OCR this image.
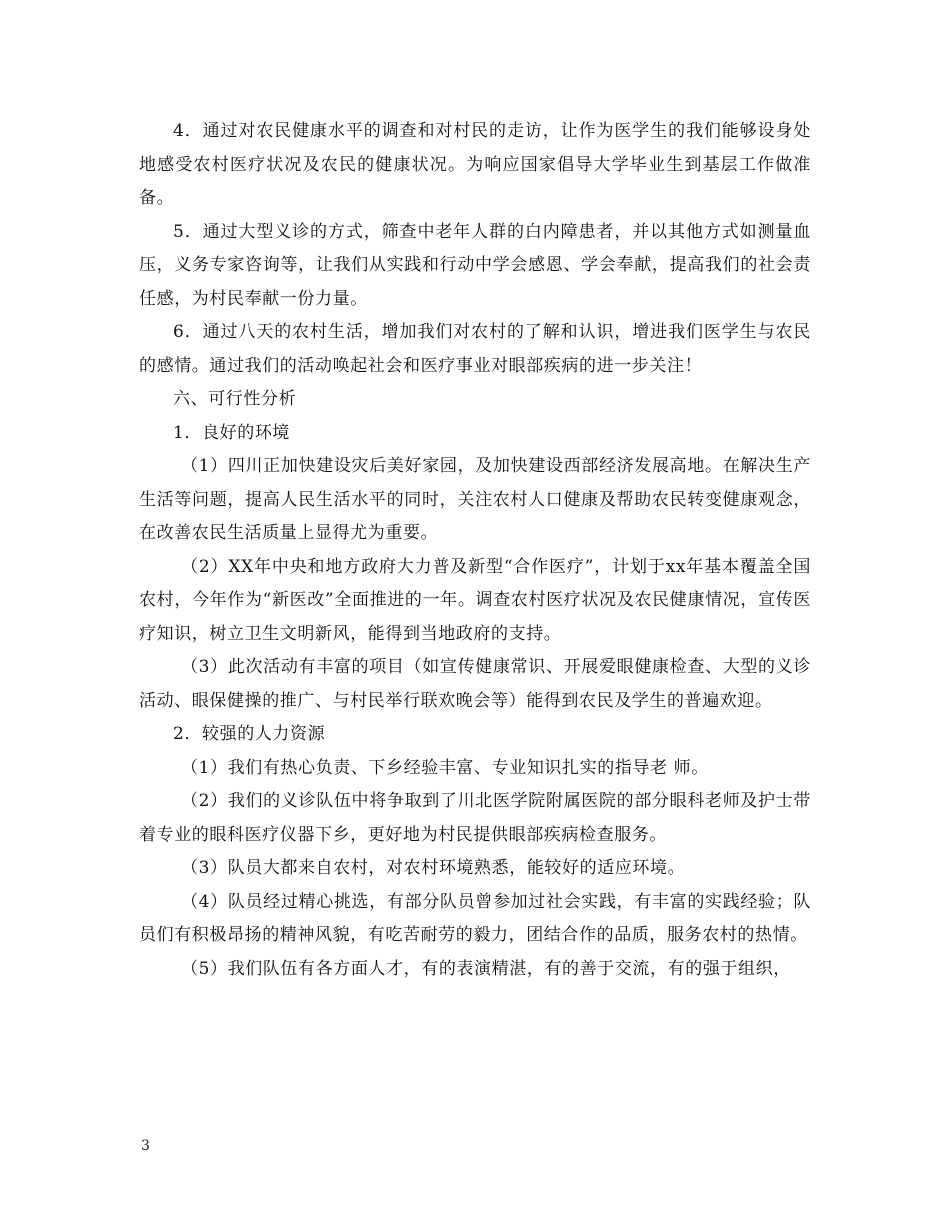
4．通过对农民健康水平的调查和对村民的走访，让作为医学生的我们能够设身处地感受农村医疗状况及农民的健康状况。为响应国家倡导大学毕业生到基层工作做准备。

5．通过大型义诊的方式，筛查中老年人群的白内障患者，并以其他方式如测量血压，义务专家咨询等，让我们从实践和行动中学会感恩、学会奉献，提高我们的社会责任感，为村民奉献一份力量。

6．通过八天的农村生活，增加我们对农村的了解和认识，增进我们医学生与农民的感情。通过我们的活动唤起社会和医疗事业对眼部疾病的进一步关注！

六、可行性分析

1．良好的环境

（1）四川正加快建设灾后美好家园，及加快建设西部经济发展高地。在解决生产生活等问题，提高人民生活水平的同时，关注农村人口健康及帮助农民转变健康观念，在改善农民生活质量上显得尤为重要。

（2）XX年中央和地方政府大力普及新型“合作医疗”，计划于xx年基本覆盖全国农村，今年作为“新医改”全面推进的一年。调查农村医疗状况及农民健康情况，宣传医疗知识，树立卫生文明新风，能得到当地政府的支持。

（3）此次活动有丰富的项目（如宣传健康常识、开展爱眼健康检查、大型的义诊活动、眼保健操的推广、与村民举行联欢晚会等）能得到农民及学生的普遍欢迎。

2．较强的人力资源

（1）我们有热心负责、下乡经验丰富、专业知识扎实的指导老 师。

（2）我们的义诊队伍中将争取到了川北医学院附属医院的部分眼科老师及护士带着专业的眼科医疗仪器下乡，更好地为村民提供眼部疾病检查服务。

（3）队员大都来自农村，对农村环境熟悉，能较好的适应环境。

（4）队员经过精心挑选，有部分队员曾参加过社会实践，有丰富的实践经验；队员们有积极昂扬的精神风貌，有吃苦耐劳的毅力，团结合作的品质，服务农村的热情。

（5）我们队伍有各方面人才，有的表演精湛，有的善于交流，有的强于组织，

3
